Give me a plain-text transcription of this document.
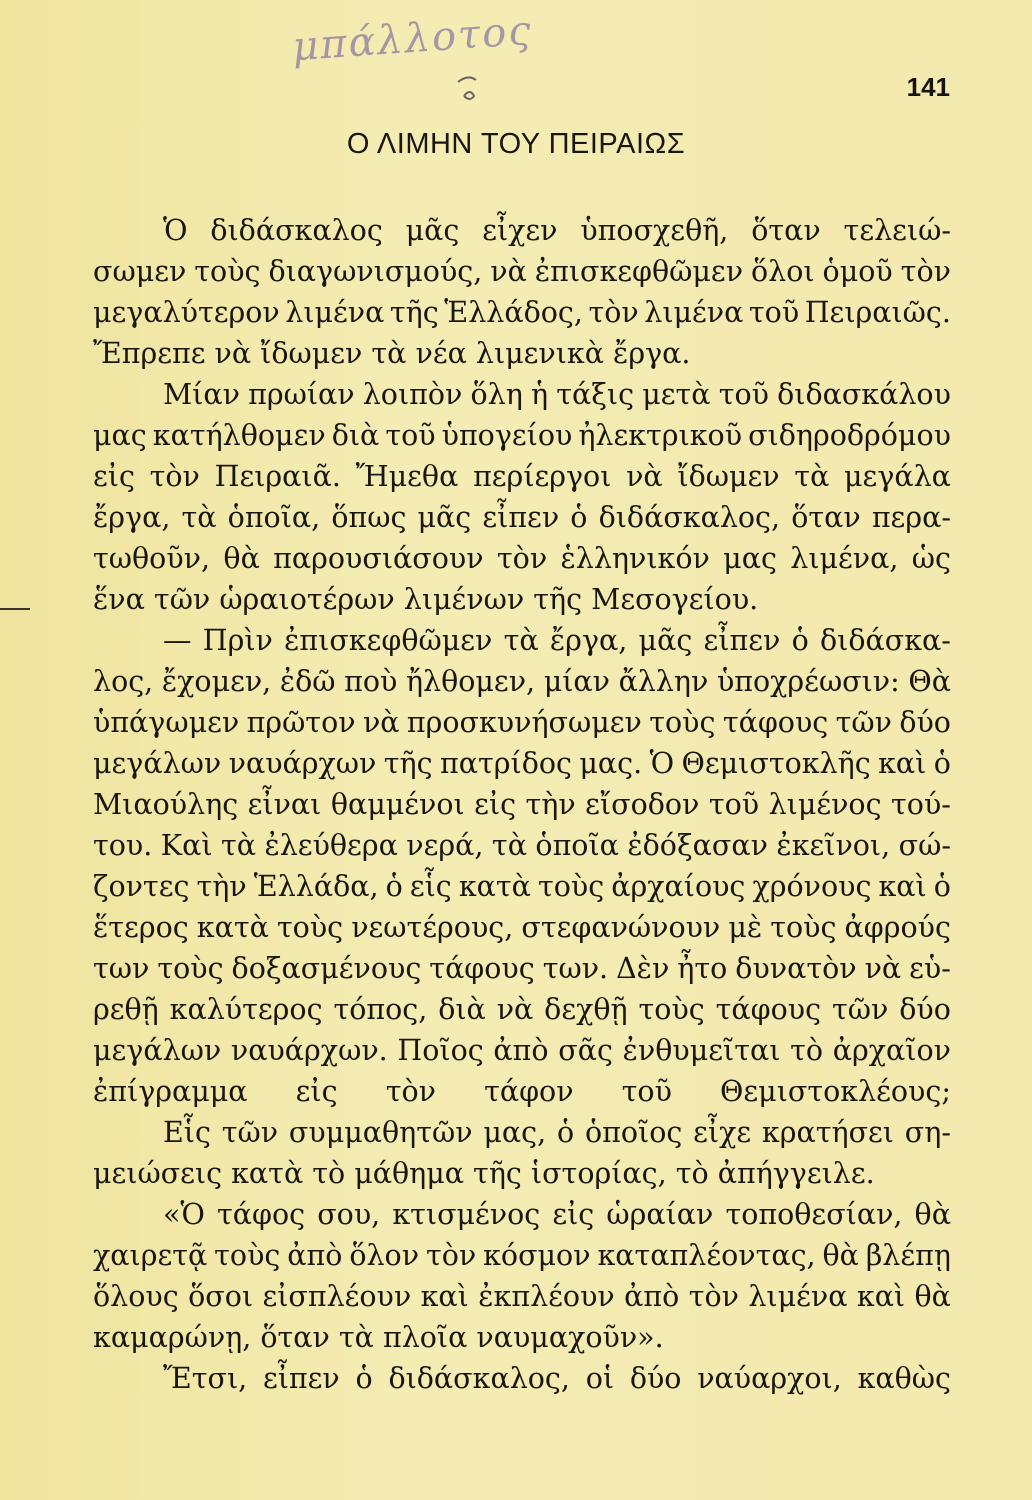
μπάλλοτος
141
Ο ΛΙΜΗΝ ΤΟΥ ΠΕΙΡΑΙΩΣ
Ὁ διδάσκαλος μᾶς εἶχεν ὑποσχεθῆ, ὅταν τελειώ-
σωμεν τοὺς διαγωνισμούς, νὰ ἐπισκεφθῶμεν ὅλοι ὁμοῦ τὸν
μεγαλύτερον λιμένα τῆς Ἑλλάδος, τὸν λιμένα τοῦ Πειραιῶς.
Ἔπρεπε νὰ ἴδωμεν τὰ νέα λιμενικὰ ἔργα.
Μίαν πρωίαν λοιπὸν ὅλη ἡ τάξις μετὰ τοῦ διδασκάλου
μας κατήλθομεν διὰ τοῦ ὑπογείου ἠλεκτρικοῦ σιδηροδρόμου
εἰς τὸν Πειραιᾶ. Ἤμεθα περίεργοι νὰ ἴδωμεν τὰ μεγάλα
ἔργα, τὰ ὁποῖα, ὅπως μᾶς εἶπεν ὁ διδάσκαλος, ὅταν περα-
τωθοῦν, θὰ παρουσιάσουν τὸν ἑλληνικόν μας λιμένα, ὡς
ἕνα τῶν ὡραιοτέρων λιμένων τῆς Μεσογείου.
— Πρὶν ἐπισκεφθῶμεν τὰ ἔργα, μᾶς εἶπεν ὁ διδάσκα-
λος, ἔχομεν, ἐδῶ ποὺ ἤλθομεν, μίαν ἄλλην ὑποχρέωσιν: Θὰ
ὑπάγωμεν πρῶτον νὰ προσκυνήσωμεν τοὺς τάφους τῶν δύο
μεγάλων ναυάρχων τῆς πατρίδος μας. Ὁ Θεμιστοκλῆς καὶ ὁ
Μιαούλης εἶναι θαμμένοι εἰς τὴν εἴσοδον τοῦ λιμένος τού-
του. Καὶ τὰ ἐλεύθερα νερά, τὰ ὁποῖα ἐδόξασαν ἐκεῖνοι, σώ-
ζοντες τὴν Ἑλλάδα, ὁ εἷς κατὰ τοὺς ἀρχαίους χρόνους καὶ ὁ
ἕτερος κατὰ τοὺς νεωτέρους, στεφανώνουν μὲ τοὺς ἀφρούς
των τοὺς δοξασμένους τάφους των. Δὲν ἦτο δυνατὸν νὰ εὑ-
ρεθῇ καλύτερος τόπος, διὰ νὰ δεχθῇ τοὺς τάφους τῶν δύο
μεγάλων ναυάρχων. Ποῖος ἀπὸ σᾶς ἐνθυμεῖται τὸ ἀρχαῖον
ἐπίγραμμα εἰς τὸν τάφον τοῦ Θεμιστοκλέους;
Εἷς τῶν συμμαθητῶν μας, ὁ ὁποῖος εἶχε κρατήσει ση-
μειώσεις κατὰ τὸ μάθημα τῆς ἱστορίας, τὸ ἀπήγγειλε.
«Ὁ τάφος σου, κτισμένος εἰς ὡραίαν τοποθεσίαν, θὰ
χαιρετᾷ τοὺς ἀπὸ ὅλον τὸν κόσμον καταπλέοντας, θὰ βλέπῃ
ὅλους ὅσοι εἰσπλέουν καὶ ἐκπλέουν ἀπὸ τὸν λιμένα καὶ θὰ
καμαρώνῃ, ὅταν τὰ πλοῖα ναυμαχοῦν».
Ἔτσι, εἶπεν ὁ διδάσκαλος, οἱ δύο ναύαρχοι, καθὼς
